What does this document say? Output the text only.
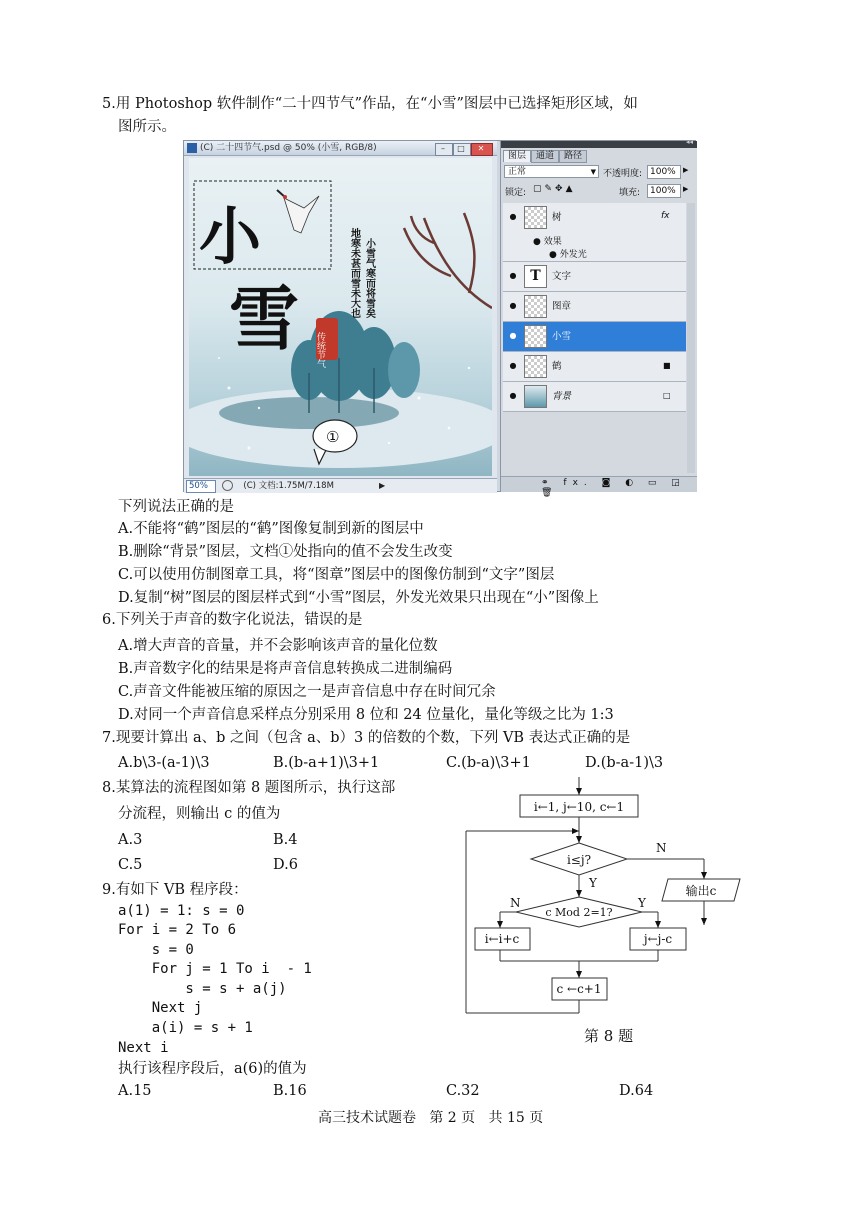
5.用 Photoshop 软件制作“二十四节气”作品，在“小雪”图层中已选择矩形区域，如
图所示。
(C) 二十四节气.psd @ 50% (小雪, RGB/8)	– □ ✕
小雪气寒而将雪矣
地寒未甚而雪未大也
小
雪 传统节气
①
50%	(C) 文档:1.75M/7.18M	▶
◂◂
图层 通道 路径
正常	▼ 不透明度: 100%	▶
锁定: ▢✎✥▲	填充:	100%	▶
●	树	fx
● 效果
● 外发光
● T	文字
●	图章
●	小雪
●	鹤	■
●	背景	□
⚭ fx. ◙ ◐ ▭ ◲ 🗑
下列说法正确的是
A.不能将“鹤”图层的“鹤”图像复制到新的图层中
B.删除“背景”图层，文档①处指向的值不会发生改变
C.可以使用仿制图章工具，将“图章”图层中的图像仿制到“文字”图层
D.复制“树”图层的图层样式到“小雪”图层，外发光效果只出现在“小”图像上
6.下列关于声音的数字化说法，错误的是
A.增大声音的音量，并不会影响该声音的量化位数
B.声音数字化的结果是将声音信息转换成二进制编码
C.声音文件能被压缩的原因之一是声音信息中存在时间冗余
D.对同一个声音信息采样点分别采用 8 位和 24 位量化，量化等级之比为 1:3
7.现要计算出 a、b 之间（包含 a、b）3 的倍数的个数，下列 VB 表达式正确的是
A.b\3-(a-1)\3	B.(b-a+1)\3+1	C.(b-a)\3+1	D.(b-a-1)\3
8.某算法的流程图如第 8 题图所示，执行这部
分流程，则输出 c 的值为
A.3	B.4
C.5	D.6
i←1, j←10, c←1
i≤j?
N
Y
输出c
c Mod 2=1?
N	Y
i←i+c	j←j-c
c ←c+1
第 8 题
9.有如下 VB 程序段：
a(1) = 1: s = 0
For i = 2 To 6
s = 0
For j = 1 To i  - 1
s = s + a(j)
Next j
a(i) = s + 1
Next i
执行该程序段后，a(6)的值为
A.15	B.16	C.32	D.64
高三技术试题卷   第 2 页   共 15 页
